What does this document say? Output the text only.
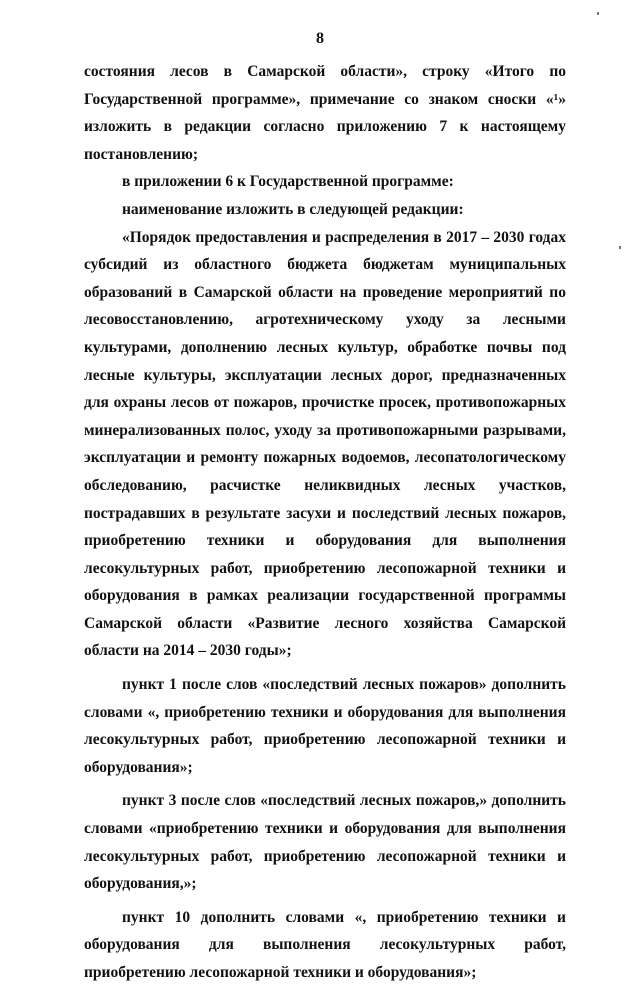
8

состояния лесов в Самарской области», строку «Итого по Государственной программе», примечание со знаком сноски «¹» изложить в редакции согласно приложению 7 к настоящему постановлению;

в приложении 6 к Государственной программе:

наименование изложить в следующей редакции:

«Порядок предоставления и распределения в 2017 – 2030 годах субсидий из областного бюджета бюджетам муниципальных образований в Самарской области на проведение мероприятий по лесовосстановлению, агротехническому уходу за лесными культурами, дополнению лесных культур, обработке почвы под лесные культуры, эксплуатации лесных дорог, предназначенных для охраны лесов от пожаров, прочистке просек, противопожарных минерализованных полос, уходу за противопожарными разрывами, эксплуатации и ремонту пожарных водоемов, лесопатологическому обследованию, расчистке неликвидных лесных участков, пострадавших в результате засухи и последствий лесных пожаров, приобретению техники и оборудования для выполнения лесокультурных работ, приобретению лесопожарной техники и оборудования в рамках реализации государственной программы Самарской области «Развитие лесного хозяйства Самарской области на 2014 – 2030 годы»;

пункт 1 после слов «последствий лесных пожаров» дополнить словами «, приобретению техники и оборудования для выполнения лесокультурных работ, приобретению лесопожарной техники и оборудования»;

пункт 3 после слов «последствий лесных пожаров,» дополнить словами «приобретению техники и оборудования для выполнения лесокультурных работ, приобретению лесопожарной техники и оборудования,»;

пункт 10 дополнить словами «, приобретению техники и оборудования для выполнения лесокультурных работ, приобретению лесопожарной техники и оборудования»;
